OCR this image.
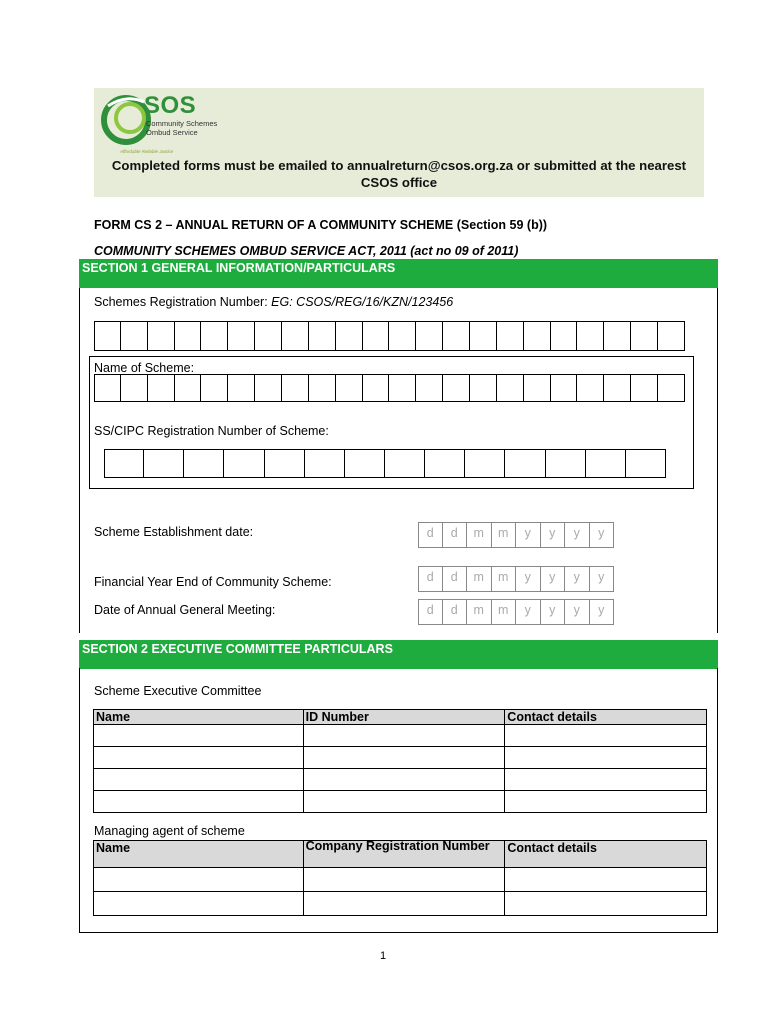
SOS
Community Schemes
Ombud Service
Affordable Reliable Justice
Completed forms must be emailed to annualreturn@csos.org.za or submitted at the nearest CSOS office
FORM CS 2 – ANNUAL RETURN OF A COMMUNITY SCHEME (Section 59 (b))
COMMUNITY SCHEMES OMBUD SERVICE ACT, 2011 (act no 09 of 2011)
SECTION 1 GENERAL INFORMATION/PARTICULARS
Schemes Registration Number: EG: CSOS/REG/16/KZN/123456
Name of Scheme:
SS/CIPC Registration Number of Scheme:
Scheme Establishment date:	d	d	m	m	y	y	y	y
Financial Year End of Community Scheme:	d	d	m	m	y	y	y	y
Date of Annual General Meeting:	d	d	m	m	y	y	y	y
SECTION 2 EXECUTIVE COMMITTEE PARTICULARS
Scheme Executive Committee
Name	ID Number	Contact details

Managing agent of scheme
Name	Company Registration Number	Contact details

1
